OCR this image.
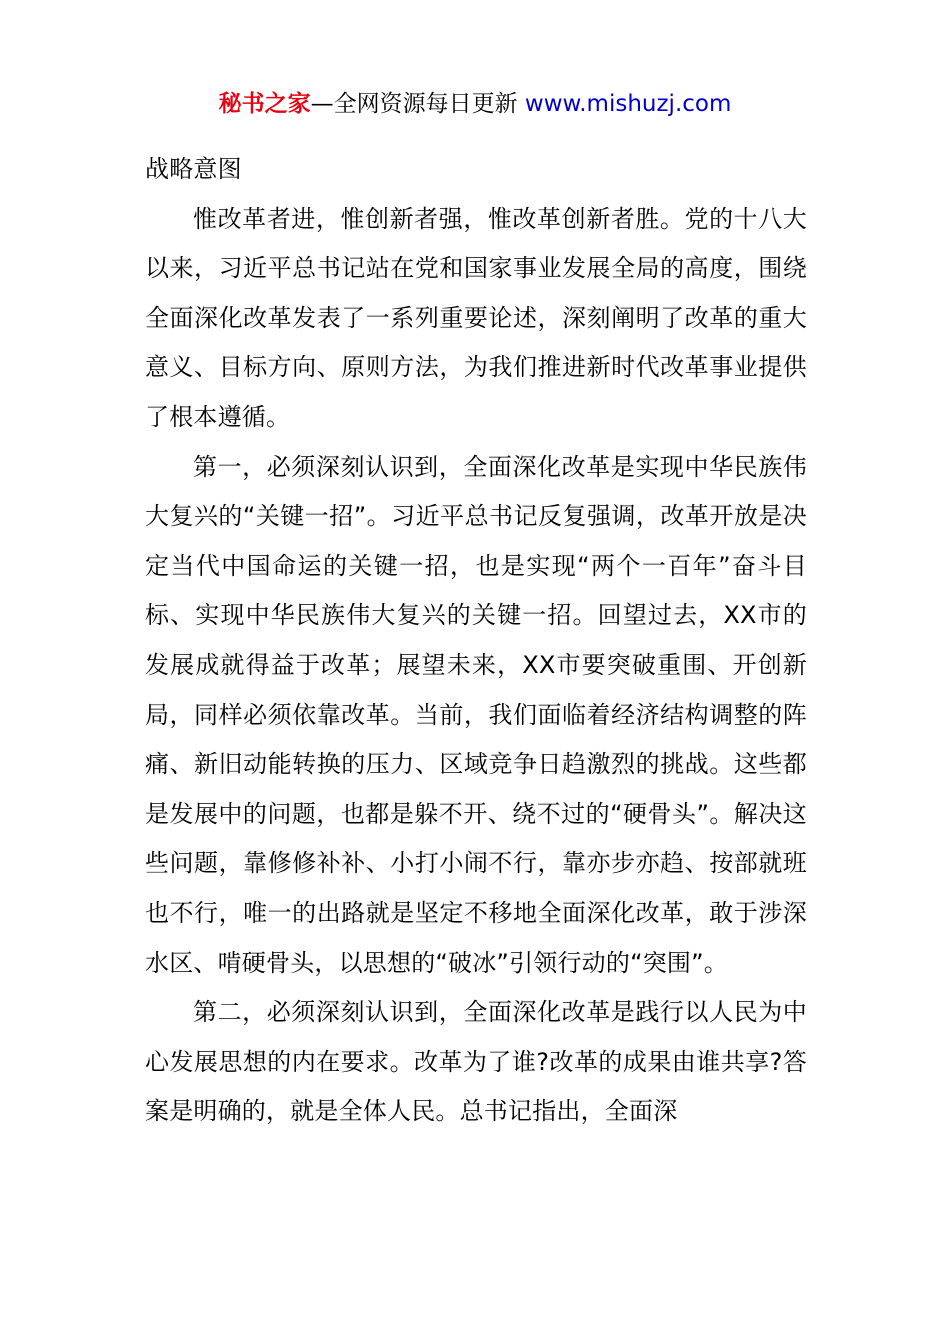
秘书之家—全网资源每日更新 www.mishuzj.com

战略意图

惟改革者进，惟创新者强，惟改革创新者胜。党的十八大以来，习近平总书记站在党和国家事业发展全局的高度，围绕全面深化改革发表了一系列重要论述，深刻阐明了改革的重大意义、目标方向、原则方法，为我们推进新时代改革事业提供了根本遵循。

第一，必须深刻认识到，全面深化改革是实现中华民族伟大复兴的“关键一招”。习近平总书记反复强调，改革开放是决定当代中国命运的关键一招，也是实现“两个一百年”奋斗目标、实现中华民族伟大复兴的关键一招。回望过去，XX市的发展成就得益于改革；展望未来，XX市要突破重围、开创新局，同样必须依靠改革。当前，我们面临着经济结构调整的阵痛、新旧动能转换的压力、区域竞争日趋激烈的挑战。这些都是发展中的问题，也都是躲不开、绕不过的“硬骨头”。解决这些问题，靠修修补补、小打小闹不行，靠亦步亦趋、按部就班也不行，唯一的出路就是坚定不移地全面深化改革，敢于涉深水区、啃硬骨头，以思想的“破冰”引领行动的“突围”。

第二，必须深刻认识到，全面深化改革是践行以人民为中心发展思想的内在要求。改革为了谁?改革的成果由谁共享?答案是明确的，就是全体人民。总书记指出，全面深
